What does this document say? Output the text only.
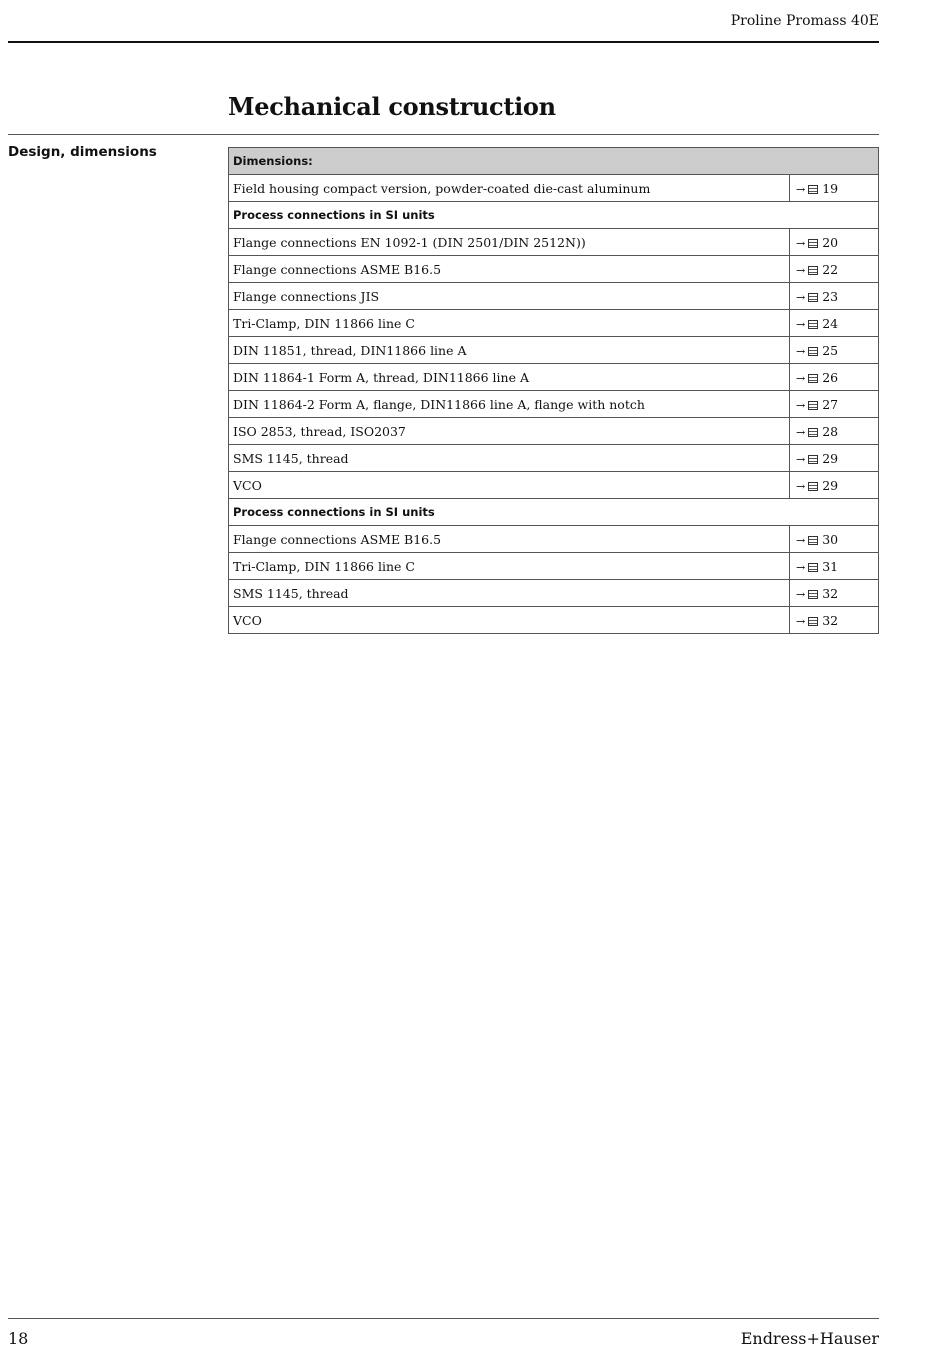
Proline Promass 40E
Mechanical construction
Design, dimensions
Dimensions:	
Field housing compact version, powder-coated die-cast aluminum	→ 19
Process connections in SI units	
Flange connections EN 1092-1 (DIN 2501/DIN 2512N))	→ 20
Flange connections ASME B16.5	→ 22
Flange connections JIS	→ 23
Tri-Clamp, DIN 11866 line C	→ 24
DIN 11851, thread, DIN11866 line A	→ 25
DIN 11864-1 Form A, thread, DIN11866 line A	→ 26
DIN 11864-2 Form A, flange, DIN11866 line A, flange with notch	→ 27
ISO 2853, thread, ISO2037	→ 28
SMS 1145, thread	→ 29
VCO	→ 29
Process connections in SI units	
Flange connections ASME B16.5	→ 30
Tri-Clamp, DIN 11866 line C	→ 31
SMS 1145, thread	→ 32
VCO	→ 32
18	Endress+Hauser
